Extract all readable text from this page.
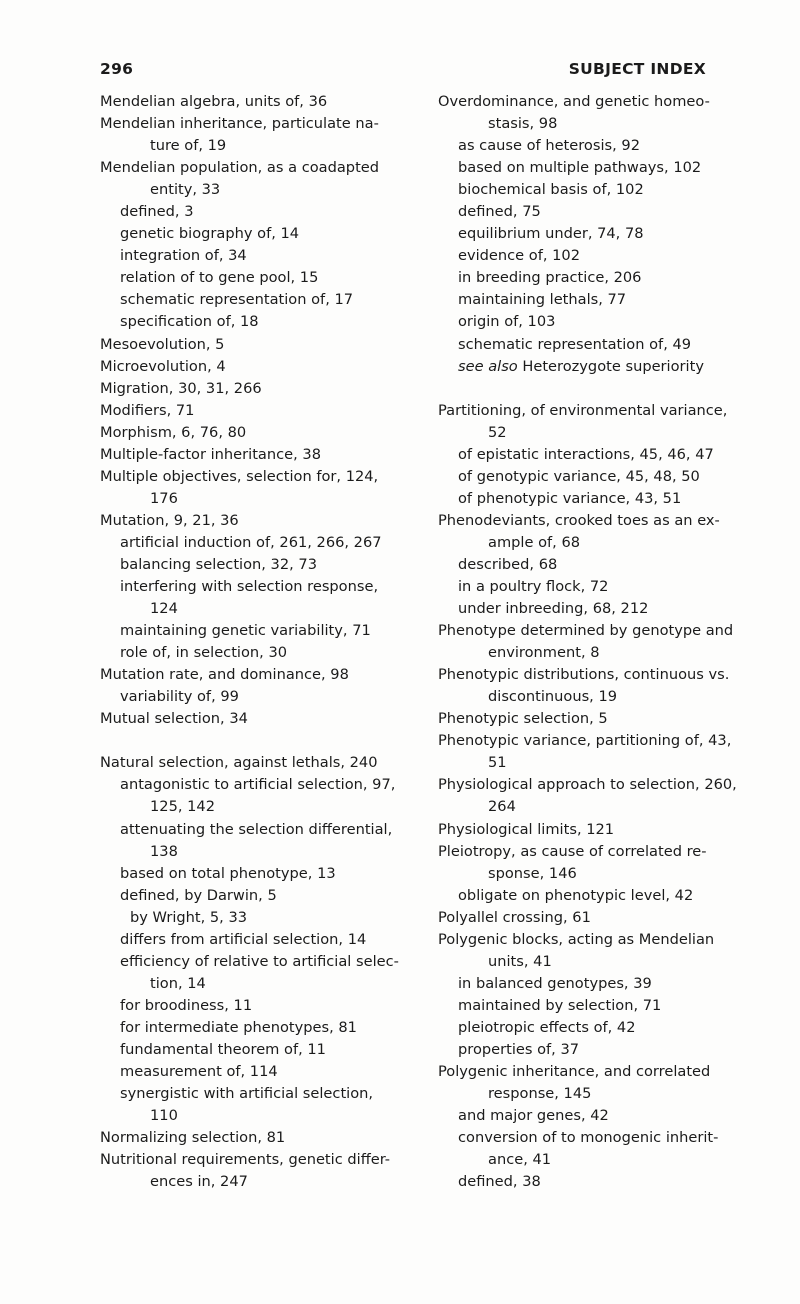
296	SUBJECT INDEX
Mendelian algebra, units of, 36
Mendelian inheritance, particulate na-
ture of, 19
Mendelian population, as a coadapted
entity, 33
defined, 3
genetic biography of, 14
integration of, 34
relation of to gene pool, 15
schematic representation of, 17
specification of, 18
Mesoevolution, 5
Microevolution, 4
Migration, 30, 31, 266
Modifiers, 71
Morphism, 6, 76, 80
Multiple-factor inheritance, 38
Multiple objectives, selection for, 124,
176
Mutation, 9, 21, 36
artificial induction of, 261, 266, 267
balancing selection, 32, 73
interfering with selection response,
124
maintaining genetic variability, 71
role of, in selection, 30
Mutation rate, and dominance, 98
variability of, 99
Mutual selection, 34
Natural selection, against lethals, 240
antagonistic to artificial selection, 97,
125, 142
attenuating the selection differential,
138
based on total phenotype, 13
defined, by Darwin, 5
by Wright, 5, 33
differs from artificial selection, 14
efficiency of relative to artificial selec-
tion, 14
for broodiness, 11
for intermediate phenotypes, 81
fundamental theorem of, 11
measurement of, 114
synergistic with artificial selection,
110
Normalizing selection, 81
Nutritional requirements, genetic differ-
ences in, 247
Overdominance, and genetic homeo-
stasis, 98
as cause of heterosis, 92
based on multiple pathways, 102
biochemical basis of, 102
defined, 75
equilibrium under, 74, 78
evidence of, 102
in breeding practice, 206
maintaining lethals, 77
origin of, 103
schematic representation of, 49
see also Heterozygote superiority
Partitioning, of environmental variance,
52
of epistatic interactions, 45, 46, 47
of genotypic variance, 45, 48, 50
of phenotypic variance, 43, 51
Phenodeviants, crooked toes as an ex-
ample of, 68
described, 68
in a poultry flock, 72
under inbreeding, 68, 212
Phenotype determined by genotype and
environment, 8
Phenotypic distributions, continuous vs.
discontinuous, 19
Phenotypic selection, 5
Phenotypic variance, partitioning of, 43,
51
Physiological approach to selection, 260,
264
Physiological limits, 121
Pleiotropy, as cause of correlated re-
sponse, 146
obligate on phenotypic level, 42
Polyallel crossing, 61
Polygenic blocks, acting as Mendelian
units, 41
in balanced genotypes, 39
maintained by selection, 71
pleiotropic effects of, 42
properties of, 37
Polygenic inheritance, and correlated
response, 145
and major genes, 42
conversion of to monogenic inherit-
ance, 41
defined, 38
